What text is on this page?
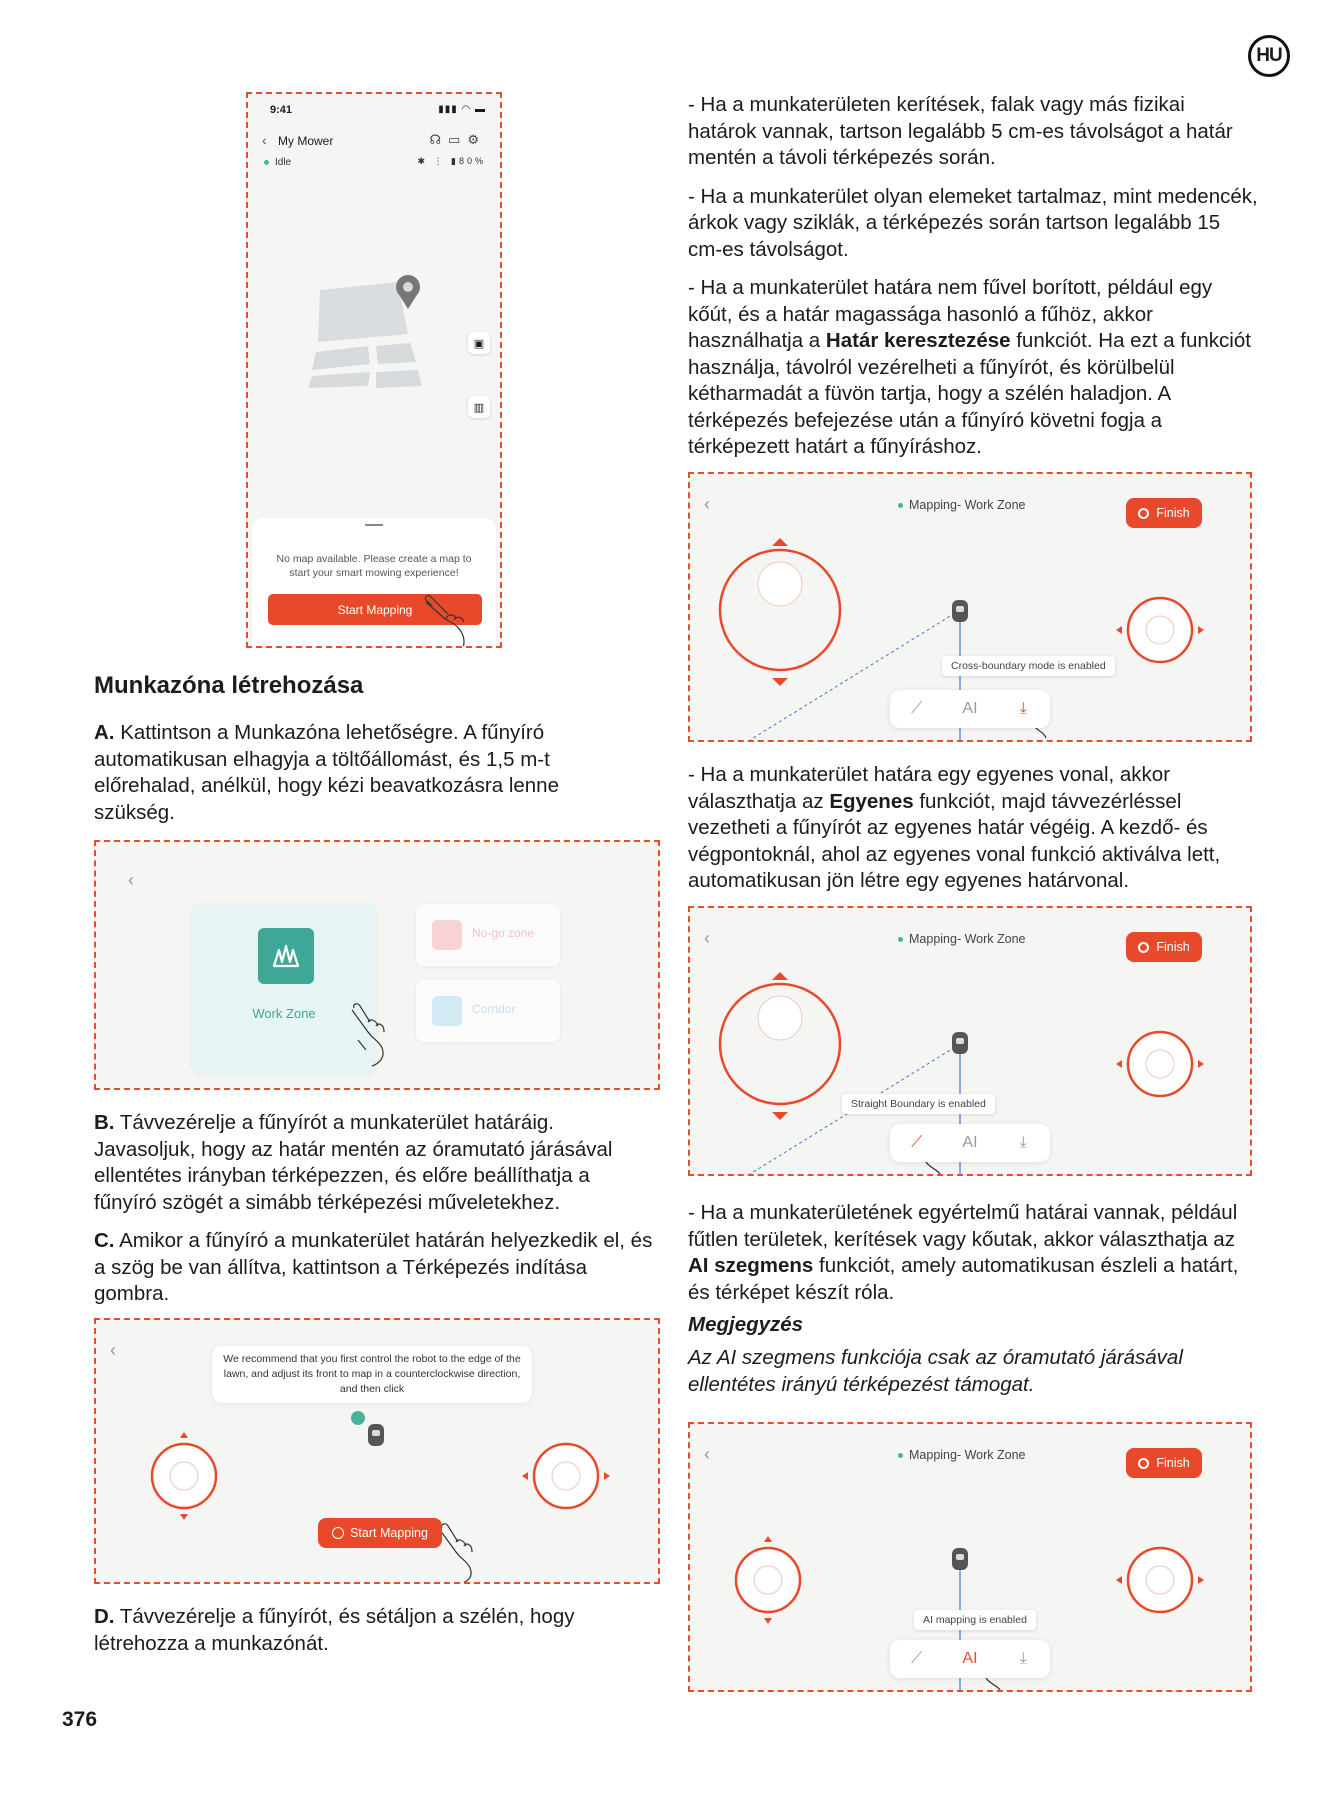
HU
376
9:41	▮▮▮ ◠ ▬
‹ My Mower	☊▭⚙
Idle	✱ ⋮ ▮80%
▣
▥
No map available. Please create a map to start your smart mowing experience!
Start Mapping
Munkazóna létrehozása
A. Kattintson a Munkazóna lehetőségre. A fűnyíró automatikusan elhagyja a töltőállomást, és 1,5 m-t előrehalad, anélkül, hogy kézi beavatkozásra lenne szükség.
‹
Work Zone
No-go zone
Corridor

B. Távvezérelje a fűnyírót a munkaterület határáig. Javasoljuk, hogy az határ mentén az óramutató járásával ellentétes irányban térképezzen, és előre beállíthatja a fűnyíró szögét a simább térképezési műveletekhez.

C. Amikor a fűnyíró a munkaterület határán helyezkedik el, és a szög be van állítva, kattintson a Térképezés indítása gombra.
‹	We recommend that you first control the robot to the edge of the lawn, and adjust its front to map in a counterclockwise direction, and then click
Start Mapping
D. Távvezérelje a fűnyírót, és sétáljon a szélén, hogy létrehozza a munkazónát.

- Ha a munkaterületen kerítések, falak vagy más fizikai határok vannak, tartson legalább 5 cm-es távolságot a határ mentén a távoli térképezés során.

- Ha a munkaterület olyan elemeket tartalmaz, mint medencék, árkok vagy sziklák, a térképezés során tartson legalább 15 cm-es távolságot.

- Ha a munkaterület határa nem fűvel borított, például egy kőút, és a határ magassága hasonló a fűhöz, akkor használhatja a Határ keresztezése funkciót. Ha ezt a funkciót használja, távolról vezérelheti a fűnyírót, és körülbelül kétharmadát a füvön tartja, hogy a szélén haladjon. A térképezés befejezése után a fűnyíró követni fogja a térképezett határt a fűnyíráshoz.

‹	Mapping- Work Zone
Finish
Cross-boundary mode is enabled
⟋	AI	⤓

- Ha a munkaterület határa egy egyenes vonal, akkor választhatja az Egyenes funkciót, majd távvezérléssel vezetheti a fűnyírót az egyenes határ végéig. A kezdő- és végpontoknál, ahol az egyenes vonal funkció aktiválva lett, automatikusan jön létre egy egyenes határvonal.

‹	Mapping- Work Zone
Finish
Straight Boundary is enabled
⟋	AI	⤓

- Ha a munkaterületének egyértelmű határai vannak, például fűtlen területek, kerítések vagy kőutak, akkor választhatja az AI szegmens funkciót, amely automatikusan észleli a határt, és térképet készít róla.

Megjegyzés
Az AI szegmens funkciója csak az óramutató járásával ellentétes irányú térképezést támogat.
‹	Mapping- Work Zone
Finish
AI mapping is enabled
⟋	AI	⤓
